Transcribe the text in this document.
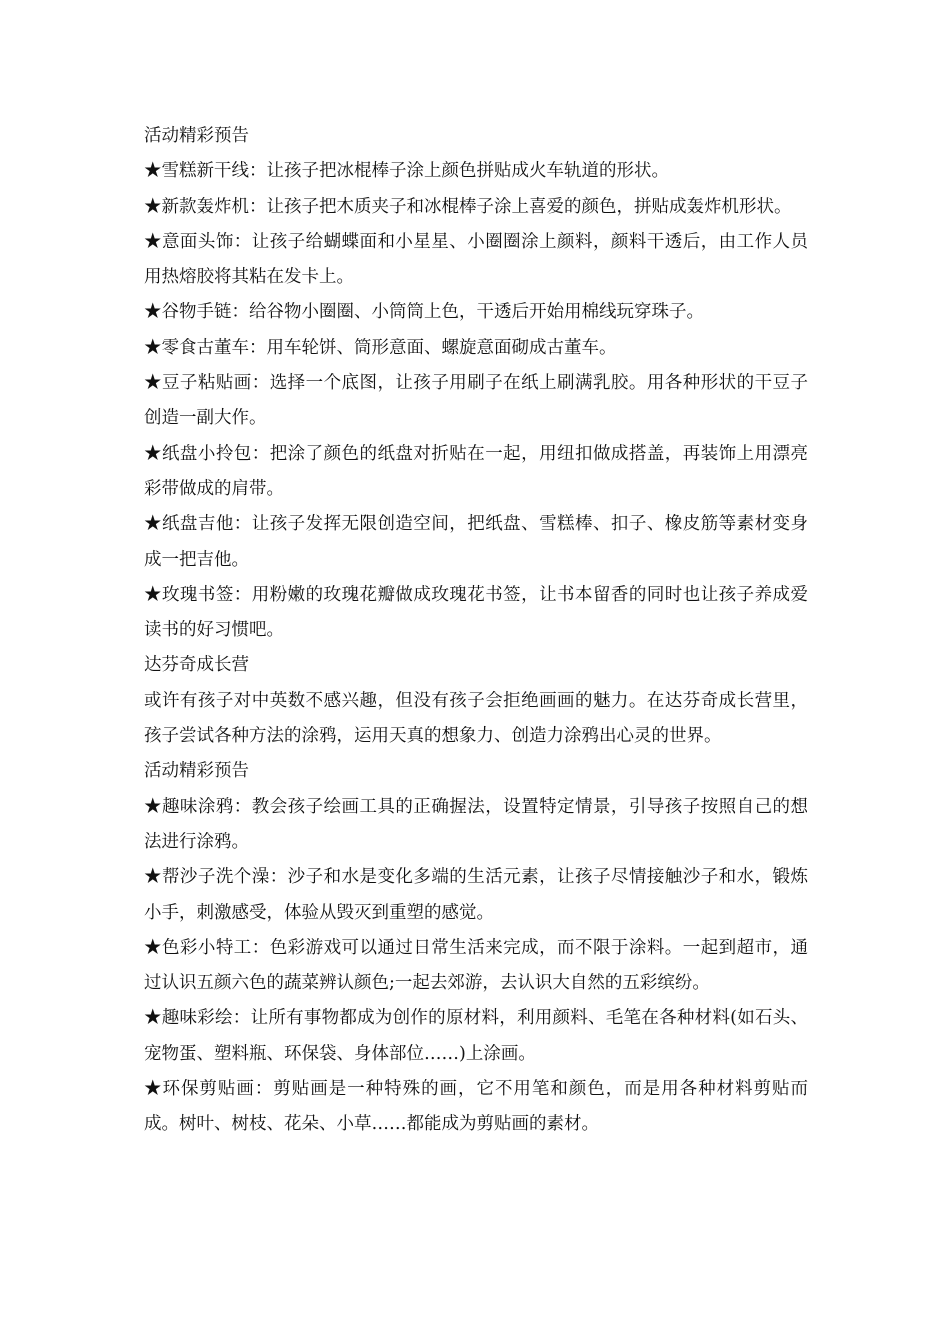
活动精彩预告

★雪糕新干线：让孩子把冰棍棒子涂上颜色拼贴成火车轨道的形状。

★新款轰炸机：让孩子把木质夹子和冰棍棒子涂上喜爱的颜色，拼贴成轰炸机形状。

★意面头饰：让孩子给蝴蝶面和小星星、小圈圈涂上颜料，颜料干透后，由工作人员用热熔胶将其粘在发卡上。

★谷物手链：给谷物小圈圈、小筒筒上色，干透后开始用棉线玩穿珠子。

★零食古董车：用车轮饼、筒形意面、螺旋意面砌成古董车。

★豆子粘贴画：选择一个底图，让孩子用刷子在纸上刷满乳胶。用各种形状的干豆子创造一副大作。

★纸盘小拎包：把涂了颜色的纸盘对折贴在一起，用纽扣做成搭盖，再装饰上用漂亮彩带做成的肩带。

★纸盘吉他：让孩子发挥无限创造空间，把纸盘、雪糕棒、扣子、橡皮筋等素材变身成一把吉他。

★玫瑰书签：用粉嫩的玫瑰花瓣做成玫瑰花书签，让书本留香的同时也让孩子养成爱读书的好习惯吧。

达芬奇成长营

或许有孩子对中英数不感兴趣，但没有孩子会拒绝画画的魅力。在达芬奇成长营里，孩子尝试各种方法的涂鸦，运用天真的想象力、创造力涂鸦出心灵的世界。

活动精彩预告

★趣味涂鸦：教会孩子绘画工具的正确握法，设置特定情景，引导孩子按照自己的想法进行涂鸦。

★帮沙子洗个澡：沙子和水是变化多端的生活元素，让孩子尽情接触沙子和水，锻炼小手，刺激感受，体验从毁灭到重塑的感觉。

★色彩小特工：色彩游戏可以通过日常生活来完成，而不限于涂料。一起到超市，通过认识五颜六色的蔬菜辨认颜色;一起去郊游，去认识大自然的五彩缤纷。

★趣味彩绘：让所有事物都成为创作的原材料，利用颜料、毛笔在各种材料(如石头、宠物蛋、塑料瓶、环保袋、身体部位……)上涂画。

★环保剪贴画：剪贴画是一种特殊的画，它不用笔和颜色，而是用各种材料剪贴而成。树叶、树枝、花朵、小草……都能成为剪贴画的素材。
